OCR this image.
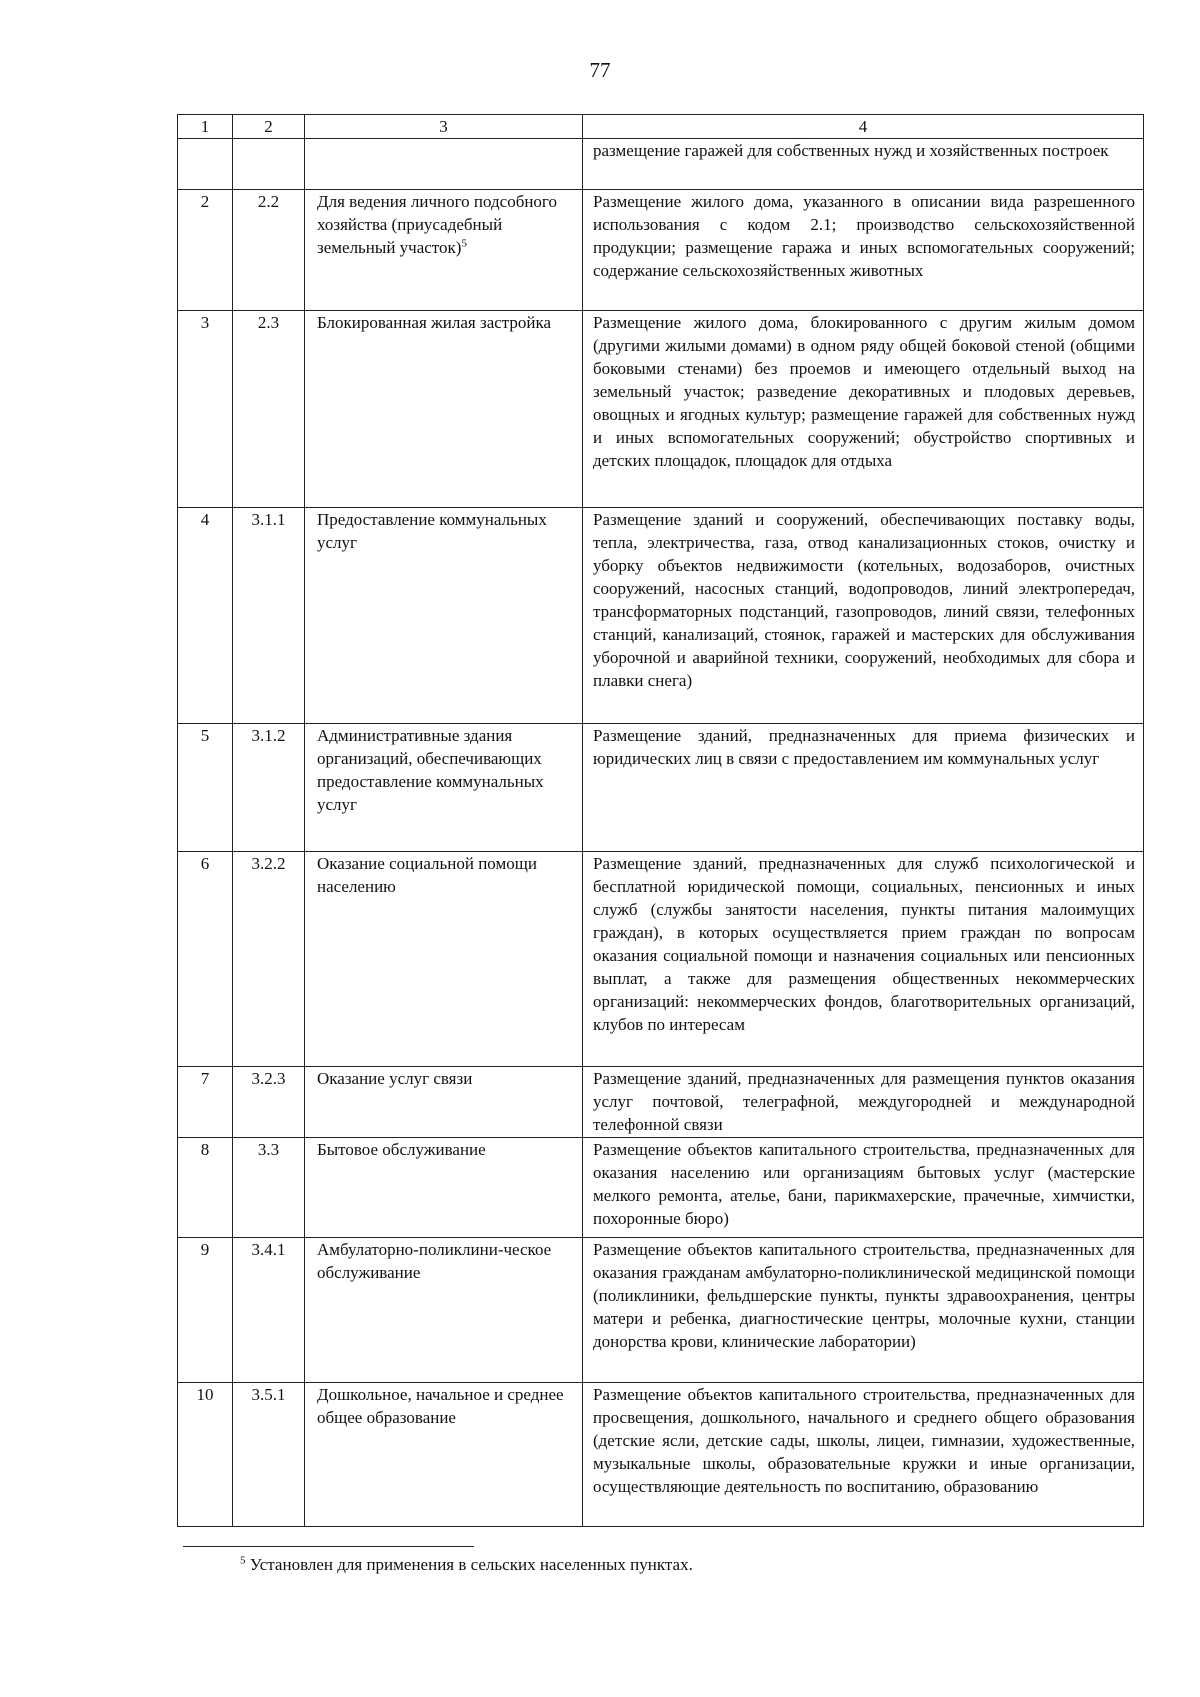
77
1	2	3	4
			размещение гаражей для собственных нужд и хозяйственных построек
2	2.2	Для ведения личного подсобного хозяйства (приусадебный земельный участок)$^5$	Размещение жилого дома, указанного в описании вида разрешенного использования с кодом 2.1; производство сельскохозяйственной продукции; размещение гаража и иных вспомогательных сооружений; содержание сельскохозяйственных животных
3	2.3	Блокированная жилая застройка	Размещение жилого дома, блокированного с другим жилым домом (другими жилыми домами) в одном ряду общей боковой стеной (общими боковыми стенами) без проемов и имеющего отдельный выход на земельный участок; разведение декоративных и плодовых деревьев, овощных и ягодных культур; размещение гаражей для собственных нужд и иных вспомогательных сооружений; обустройство спортивных и детских площадок, площадок для отдыха
4	3.1.1	Предоставление коммунальных услуг	Размещение зданий и сооружений, обеспечивающих поставку воды, тепла, электричества, газа, отвод канализационных стоков, очистку и уборку объектов недвижимости (котельных, водозаборов, очистных сооружений, насосных станций, водопроводов, линий электропередач, трансформаторных подстанций, газопроводов, линий связи, телефонных станций, канализаций, стоянок, гаражей и мастерских для обслуживания уборочной и аварийной техники, сооружений, необходимых для сбора и плавки снега)
5	3.1.2	Административные здания организаций, обеспечивающих предоставление коммунальных услуг	Размещение зданий, предназначенных для приема физических и юридических лиц в связи с предоставлением им коммунальных услуг
6	3.2.2	Оказание социальной помощи населению	Размещение зданий, предназначенных для служб психологической и бесплатной юридической помощи, социальных, пенсионных и иных служб (службы занятости населения, пункты питания малоимущих граждан), в которых осуществляется прием граждан по вопросам оказания социальной помощи и назначения социальных или пенсионных выплат, а также для размещения общественных некоммерческих организаций: некоммерческих фондов, благотворительных организаций, клубов по интересам
7	3.2.3	Оказание услуг связи	Размещение зданий, предназначенных для размещения пунктов оказания услуг почтовой, телеграфной, междугородней и международной телефонной связи
8	3.3	Бытовое обслуживание	Размещение объектов капитального строительства, предназначенных для оказания населению или организациям бытовых услуг (мастерские мелкого ремонта, ателье, бани, парикмахерские, прачечные, химчистки, похоронные бюро)
9	3.4.1	Амбулаторно-поликлини-ческое обслуживание	Размещение объектов капитального строительства, предназначенных для оказания гражданам амбулаторно-поликлинической медицинской помощи (поликлиники, фельдшерские пункты, пункты здравоохранения, центры матери и ребенка, диагностические центры, молочные кухни, станции донорства крови, клинические лаборатории)
10	3.5.1	Дошкольное, начальное и среднее общее образование	Размещение объектов капитального строительства, предназначенных для просвещения, дошкольного, начального и среднего общего образования (детские ясли, детские сады, школы, лицеи, гимназии, художественные, музыкальные школы, образовательные кружки и иные организации, осуществляющие деятельность по воспитанию, образованию
$^5$ Установлен для применения в сельских населенных пунктах.
